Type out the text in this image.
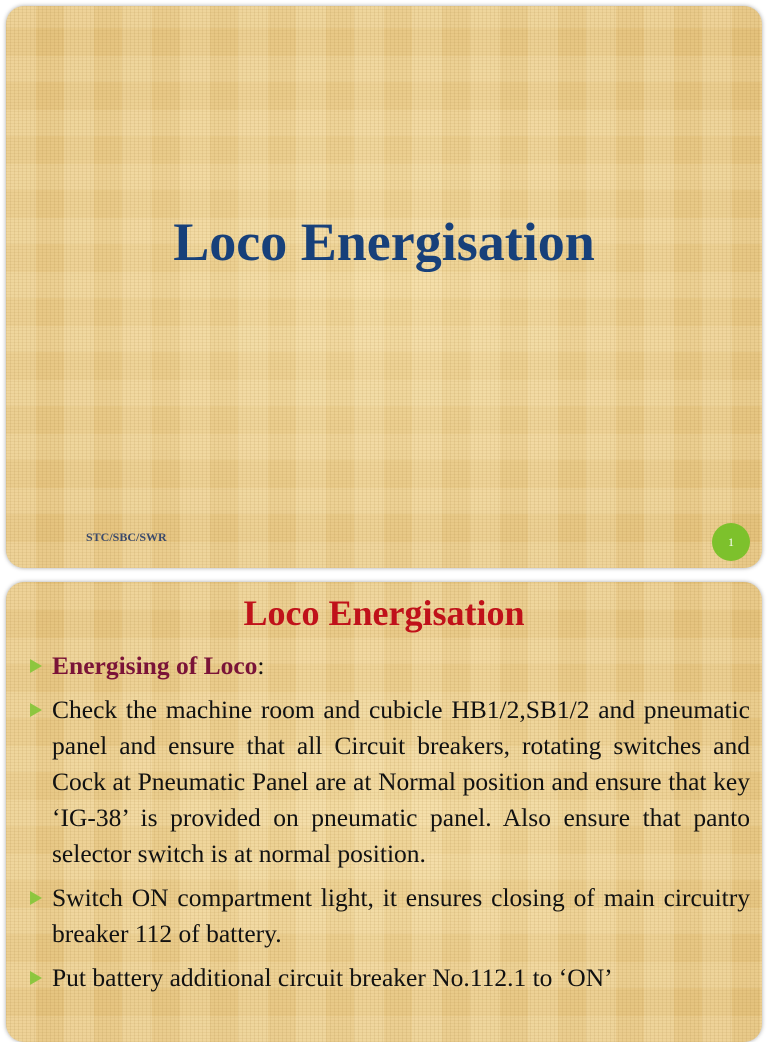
Loco Energisation
STC/SBC/SWR	1
Loco Energisation
Energising of Loco:
Check the machine room and cubicle HB1/2,SB1/2 and pneumatic panel and ensure that all Circuit breakers, rotating switches and Cock at Pneumatic Panel are at Normal position and ensure that key ‘IG-38’ is provided on pneumatic panel. Also ensure that panto selector switch is at normal position.
Switch ON compartment light, it ensures closing of main circuitry breaker 112 of battery.
Put battery additional circuit breaker No.112.1 to ‘ON’
